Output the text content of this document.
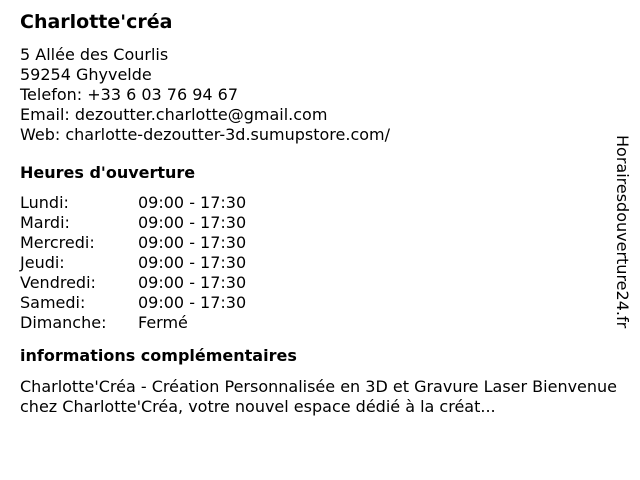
Charlotte'créa
5 Allée des Courlis
59254 Ghyvelde
Telefon: +33 6 03 76 94 67
Email: dezoutter.charlotte@gmail.com
Web: charlotte-dezoutter-3d.sumupstore.com/
Heures d'ouverture
Lundi:	09:00 - 17:30
Mardi:	09:00 - 17:30
Mercredi:	09:00 - 17:30
Jeudi:	09:00 - 17:30
Vendredi:	09:00 - 17:30
Samedi:	09:00 - 17:30
Dimanche:	Fermé
informations complémentaires
Charlotte'Créa - Création Personnalisée en 3D et Gravure Laser Bienvenue chez Charlotte'Créa, votre nouvel espace dédié à la créat...
Horairesdouverture24.fr
